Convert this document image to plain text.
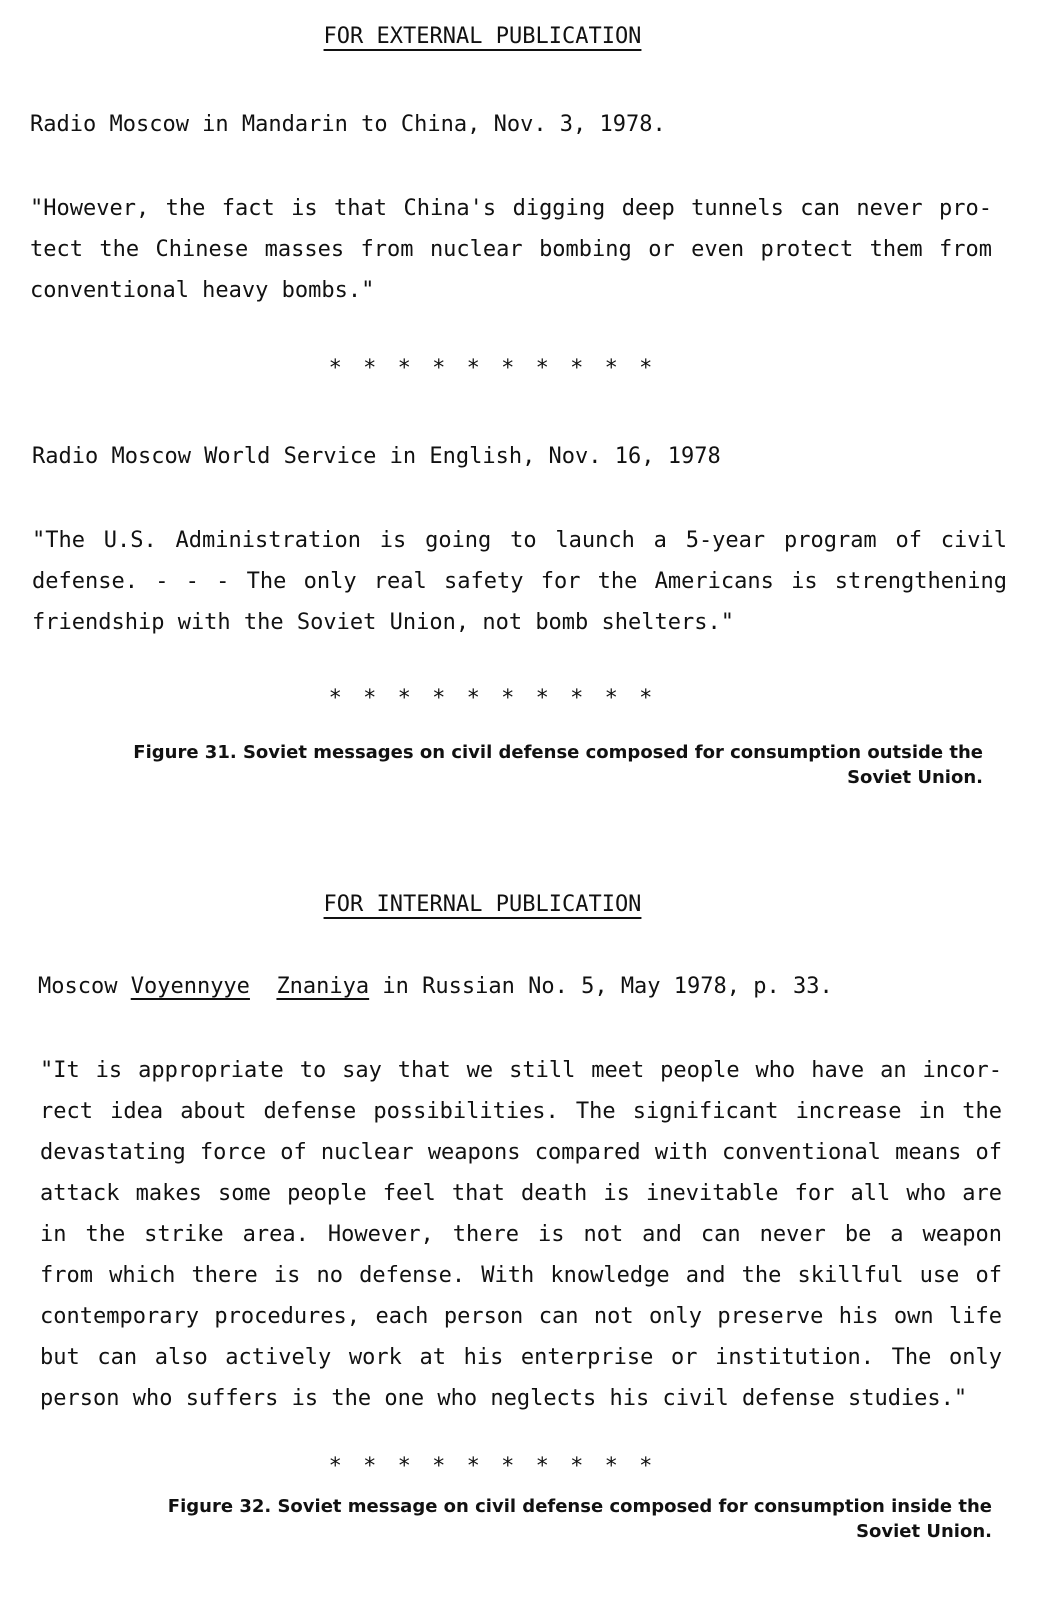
FOR EXTERNAL PUBLICATION
Radio Moscow in Mandarin to China, Nov. 3, 1978.
"However, the fact is that China's digging deep tunnels can never pro-
tect the Chinese masses from nuclear bombing or even protect them from
conventional heavy bombs."
* * * * * * * * * *
Radio Moscow World Service in English, Nov. 16, 1978
"The U.S. Administration is going to launch a 5-year program of civil
defense. - - - The only real safety for the Americans is strengthening
friendship with the Soviet Union, not bomb shelters."
* * * * * * * * * *
Figure 31. Soviet messages on civil defense composed for consumption outside the
Soviet Union.
FOR INTERNAL PUBLICATION
Moscow Voyennyye Znaniya in Russian No. 5, May 1978, p. 33.
"It is appropriate to say that we still meet people who have an incor-
rect idea about defense possibilities. The significant increase in the
devastating force of nuclear weapons compared with conventional means of
attack makes some people feel that death is inevitable for all who are
in the strike area. However, there is not and can never be a weapon
from which there is no defense. With knowledge and the skillful use of
contemporary procedures, each person can not only preserve his own life
but can also actively work at his enterprise or institution. The only
person who suffers is the one who neglects his civil defense studies."
* * * * * * * * * *
Figure 32. Soviet message on civil defense composed for consumption inside the
Soviet Union.
